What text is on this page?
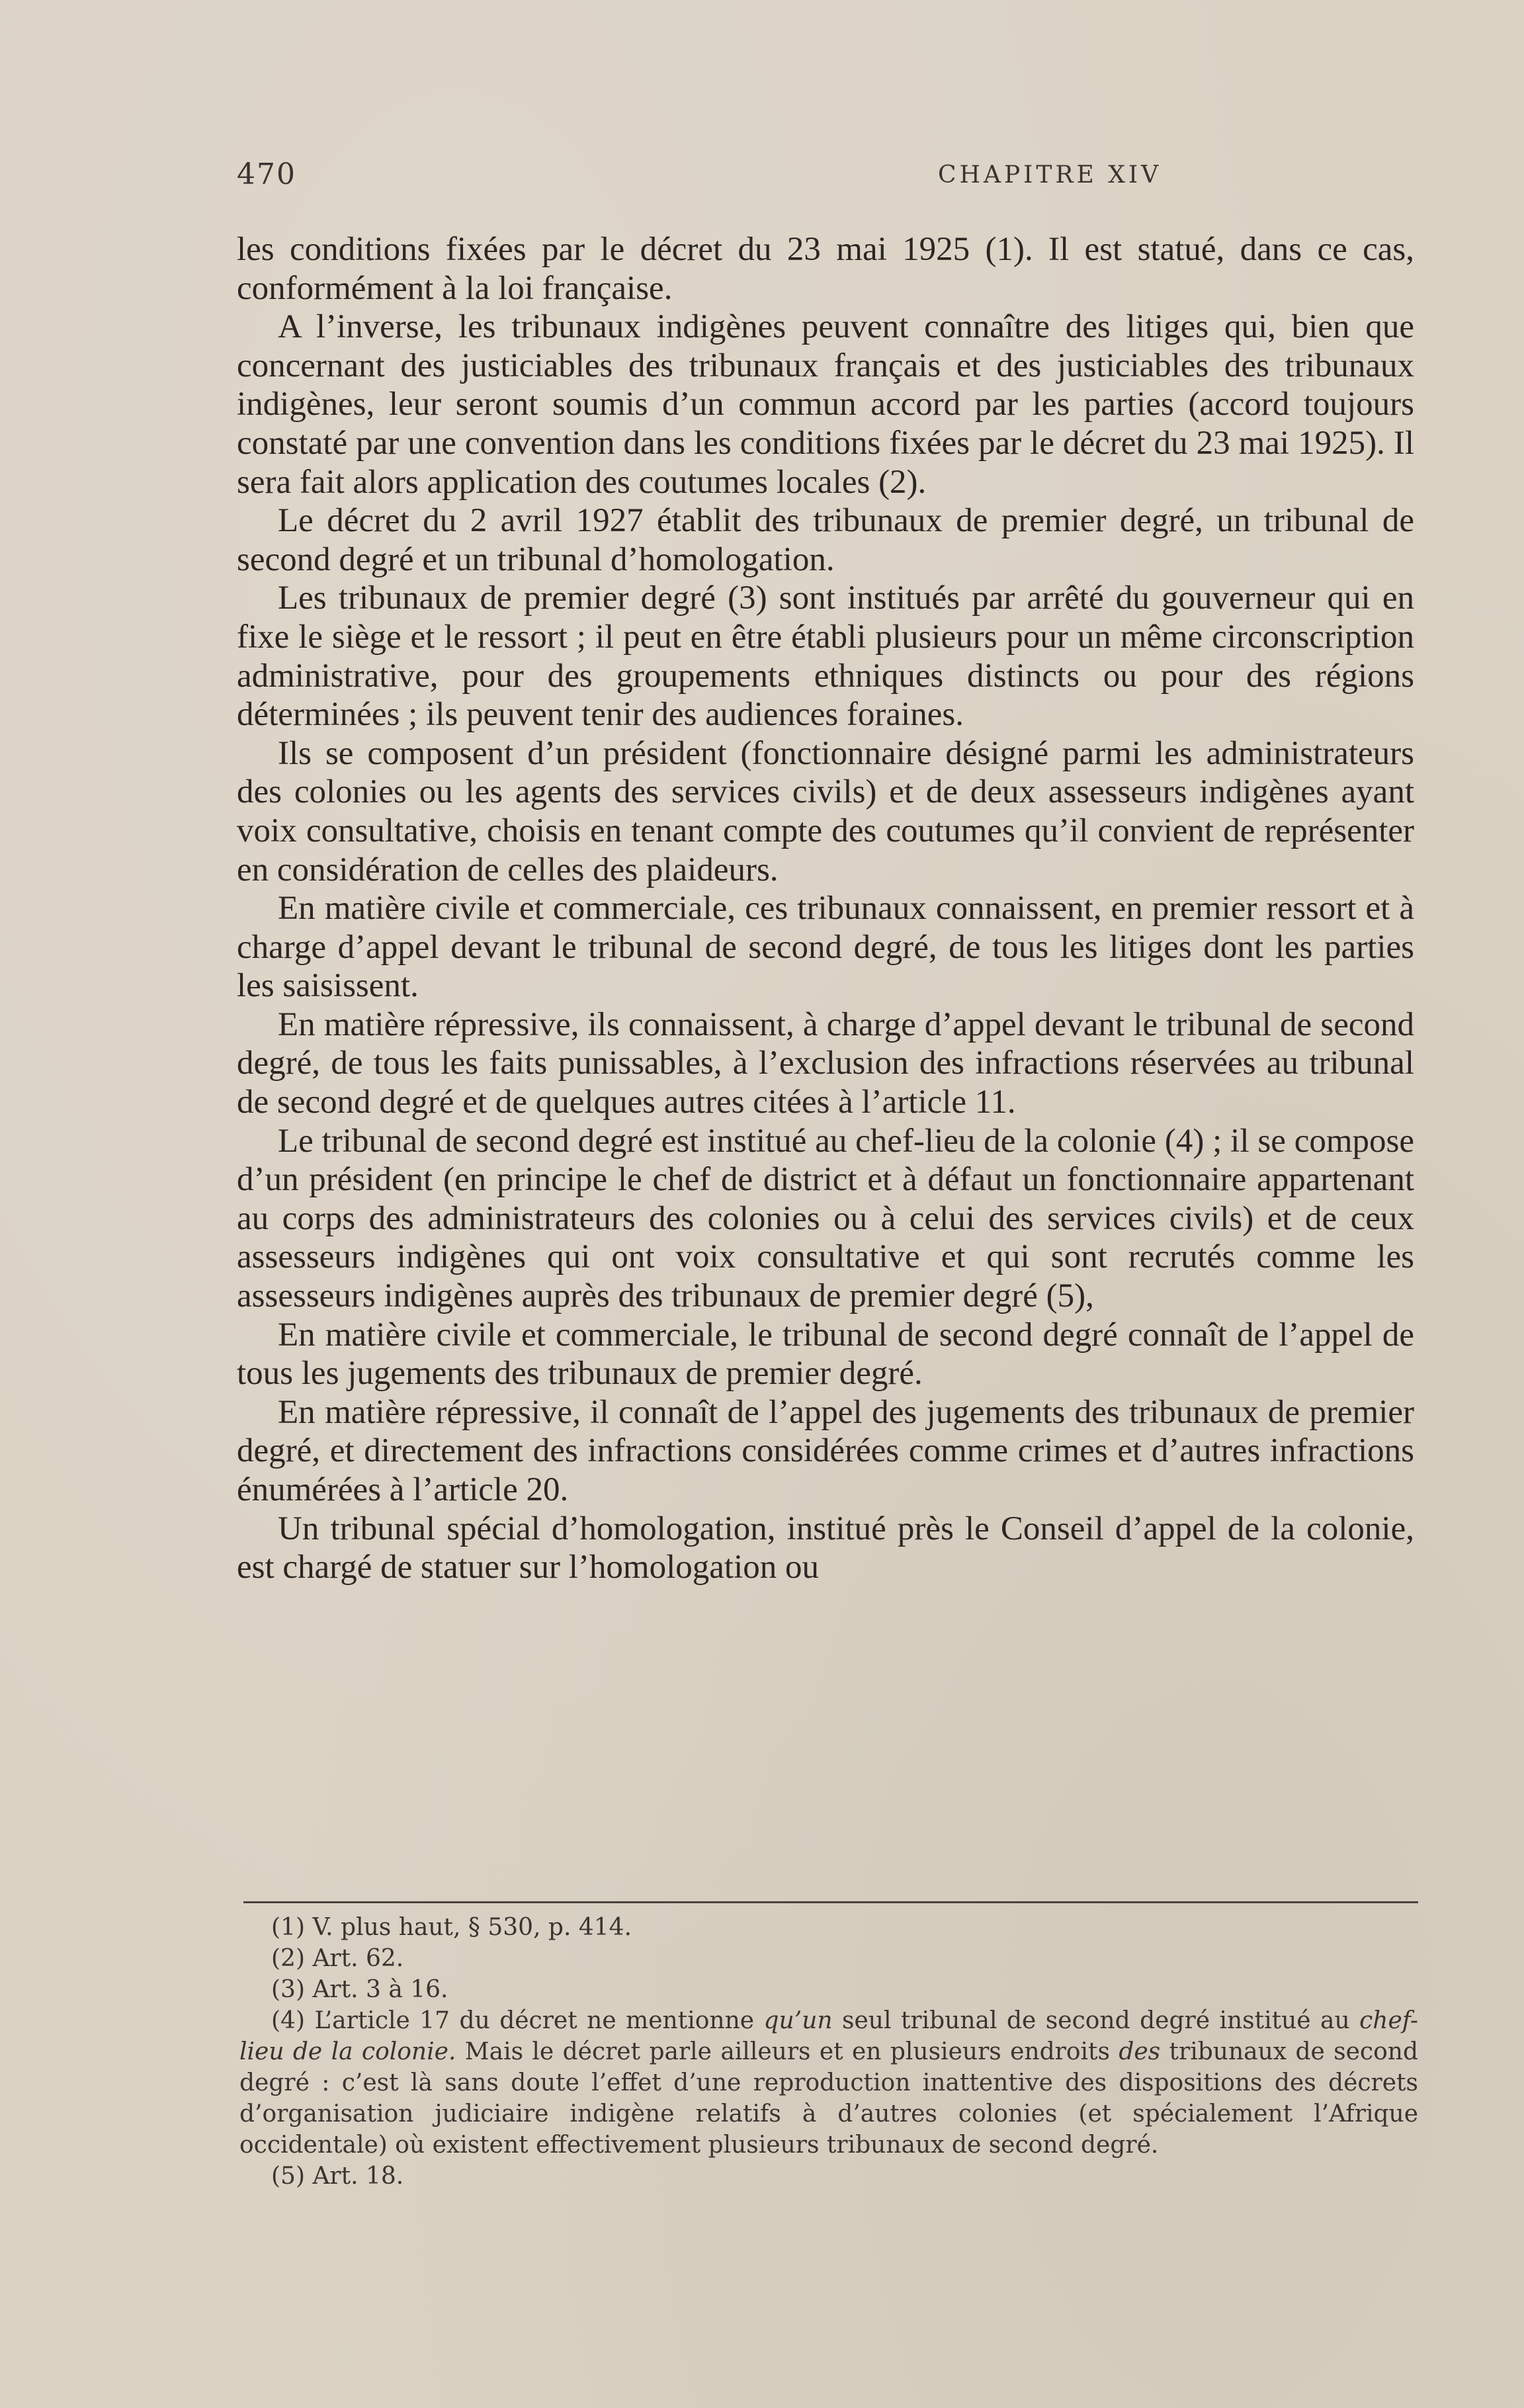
470	CHAPITRE XIV

les conditions fixées par le décret du 23 mai 1925 (1). Il est statué, dans ce cas, conformément à la loi française.

A l’inverse, les tribunaux indigènes peuvent connaître des litiges qui, bien que concernant des justiciables des tribunaux français et des justiciables des tribunaux indigènes, leur seront soumis d’un commun accord par les parties (accord toujours constaté par une convention dans les conditions fixées par le décret du 23 mai 1925). Il sera fait alors application des coutumes locales (2).

Le décret du 2 avril 1927 établit des tribunaux de premier degré, un tribunal de second degré et un tribunal d’homologation.

Les tribunaux de premier degré (3) sont institués par arrêté du gouverneur qui en fixe le siège et le ressort ; il peut en être établi plusieurs pour un même circonscription administrative, pour des groupements ethniques distincts ou pour des régions déterminées ; ils peuvent tenir des audiences foraines.

Ils se composent d’un président (fonctionnaire désigné parmi les administrateurs des colonies ou les agents des services civils) et de deux assesseurs indigènes ayant voix consultative, choisis en tenant compte des coutumes qu’il convient de représenter en considération de celles des plaideurs.

En matière civile et commerciale, ces tribunaux connaissent, en premier ressort et à charge d’appel devant le tribunal de second degré, de tous les litiges dont les parties les saisissent.

En matière répressive, ils connaissent, à charge d’appel devant le tribunal de second degré, de tous les faits punissables, à l’exclusion des infractions réservées au tribunal de second degré et de quelques autres citées à l’article 11.

Le tribunal de second degré est institué au chef-lieu de la colonie (4) ; il se compose d’un président (en principe le chef de district et à défaut un fonctionnaire appartenant au corps des administrateurs des colonies ou à celui des services civils) et de ceux assesseurs indigènes qui ont voix consultative et qui sont recrutés comme les assesseurs indigènes auprès des tribunaux de premier degré (5),

En matière civile et commerciale, le tribunal de second degré connaît de l’appel de tous les jugements des tribunaux de premier degré.

En matière répressive, il connaît de l’appel des jugements des tribunaux de premier degré, et directement des infractions considérées comme crimes et d’autres infractions énumérées à l’article 20.

Un tribunal spécial d’homologation, institué près le Conseil d’appel de la colonie, est chargé de statuer sur l’homologation ou

(1) V. plus haut, § 530, p. 414.

(2) Art. 62.

(3) Art. 3 à 16.

(4) L’article 17 du décret ne mentionne qu’un seul tribunal de second degré institué au chef-lieu de la colonie. Mais le décret parle ailleurs et en plusieurs endroits des tribunaux de second degré : c’est là sans doute l’effet d’une reproduction inattentive des dispositions des décrets d’organisation judiciaire indigène relatifs à d’autres colonies (et spécialement l’Afrique occidentale) où existent effectivement plusieurs tribunaux de second degré.

(5) Art. 18.
